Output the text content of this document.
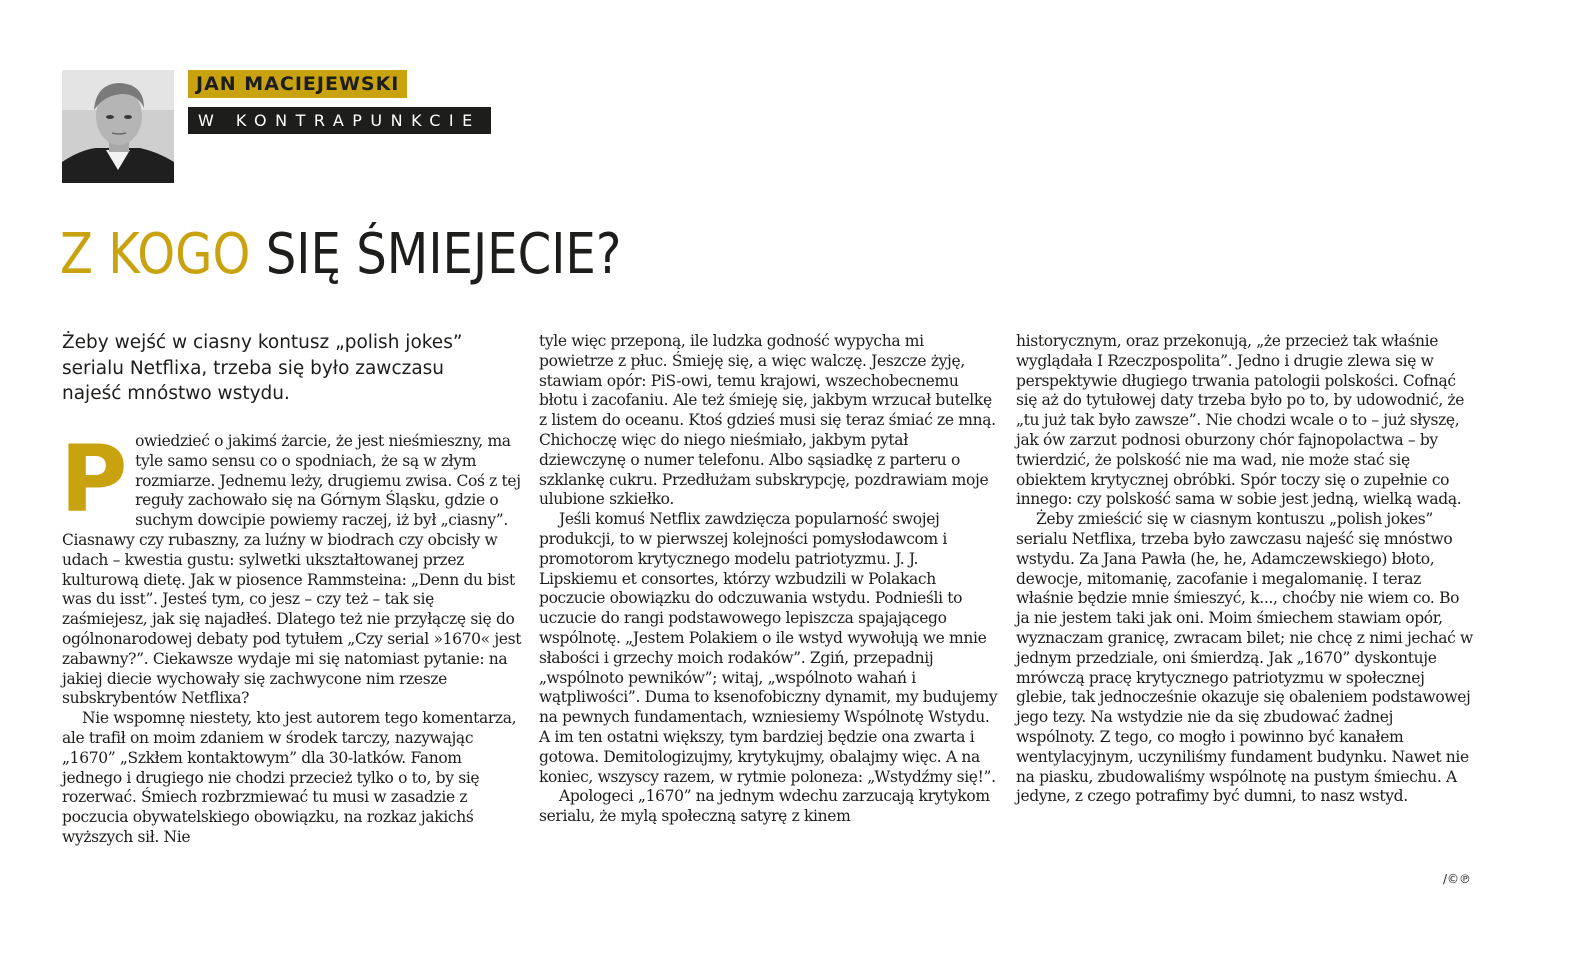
JAN MACIEJEWSKI
W KONTRAPUNKCIE
Z KOGO SIĘ ŚMIEJECIE?

Żeby wejść w ciasny kontusz „polish jokes” serialu Netflixa, trzeba się było zawczasu najeść mnóstwo wstydu.

P owiedzieć o jakimś żarcie, że jest nieśmieszny, ma tyle samo sensu co o spodniach, że są w złym rozmiarze. Jednemu leży, drugiemu zwisa. Coś z tej reguły zachowało się na Górnym Śląsku, gdzie o suchym dowcipie powiemy raczej, iż był „ciasny”. Ciasnawy czy rubaszny, za luźny w biodrach czy obcisły w udach – kwestia gustu: sylwetki ukształtowanej przez kulturową dietę. Jak w piosence Rammsteina: „Denn du bist was du isst”. Jesteś tym, co jesz – czy też – tak się zaśmiejesz, jak się najadłeś. Dlatego też nie przyłączę się do ogólnonarodowej debaty pod tytułem „Czy serial »1670« jest zabawny?”. Ciekawsze wydaje mi się natomiast pytanie: na jakiej diecie wychowały się zachwycone nim rzesze subskrybentów Netflixa?

Nie wspomnę niestety, kto jest autorem tego komentarza, ale trafił on moim zdaniem w środek tarczy, nazywając „1670” „Szkłem kontaktowym” dla 30-latków. Fanom jednego i drugiego nie chodzi przecież tylko o to, by się rozerwać. Śmiech rozbrzmiewać tu musi w zasadzie z poczucia obywatelskiego obowiązku, na rozkaz jakichś wyższych sił. Nie

tyle więc przeponą, ile ludzka godność wypycha mi powietrze z płuc. Śmieję się, a więc walczę. Jeszcze żyję, stawiam opór: PiS-owi, temu krajowi, wszechobecnemu błotu i zacofaniu. Ale też śmieję się, jakbym wrzucał butelkę z listem do oceanu. Ktoś gdzieś musi się teraz śmiać ze mną. Chichoczę więc do niego nieśmiało, jakbym pytał dziewczynę o numer telefonu. Albo sąsiadkę z parteru o szklankę cukru. Przedłużam subskrypcję, pozdrawiam moje ulubione szkiełko.

Jeśli komuś Netflix zawdzięcza popularność swojej produkcji, to w pierwszej kolejności pomysłodawcom i promotorom krytycznego modelu patriotyzmu. J. J. Lipskiemu et consortes, którzy wzbudzili w Polakach poczucie obowiązku do odczuwania wstydu. Podnieśli to uczucie do rangi podstawowego lepiszcza spajającego wspólnotę. „Jestem Polakiem o ile wstyd wywołują we mnie słabości i grzechy moich rodaków”. Zgiń, przepadnij „wspólnoto pewników”; witaj, „wspólnoto wahań i wątpliwości”. Duma to ksenofobiczny dynamit, my budujemy na pewnych fundamentach, wzniesiemy Wspólnotę Wstydu. A im ten ostatni większy, tym bardziej będzie ona zwarta i gotowa. Demitologizujmy, krytykujmy, obalajmy więc. A na koniec, wszyscy razem, w rytmie poloneza: „Wstydźmy się!”.

Apologeci „1670” na jednym wdechu zarzucają krytykom serialu, że mylą społeczną satyrę z kinem

historycznym, oraz przekonują, „że przecież tak właśnie wyglądała I Rzeczpospolita”. Jedno i drugie zlewa się w perspektywie długiego trwania patologii polskości. Cofnąć się aż do tytułowej daty trzeba było po to, by udowodnić, że „tu już tak było zawsze”. Nie chodzi wcale o to – już słyszę, jak ów zarzut podnosi oburzony chór fajnopolactwa – by twierdzić, że polskość nie ma wad, nie może stać się obiektem krytycznej obróbki. Spór toczy się o zupełnie co innego: czy polskość sama w sobie jest jedną, wielką wadą.

Żeby zmieścić się w ciasnym kontuszu „polish jokes” serialu Netflixa, trzeba było zawczasu najeść się mnóstwo wstydu. Za Jana Pawła (he, he, Adamczewskiego) błoto, dewocje, mitomanię, zacofanie i megalomanię. I teraz właśnie będzie mnie śmieszyć, k..., choćby nie wiem co. Bo ja nie jestem taki jak oni. Moim śmiechem stawiam opór, wyznaczam granicę, zwracam bilet; nie chcę z nimi jechać w jednym przedziale, oni śmierdzą. Jak „1670” dyskontuje mrówczą pracę krytycznego patriotyzmu w społecznej glebie, tak jednocześnie okazuje się obaleniem podstawowej jego tezy. Na wstydzie nie da się zbudować żadnej wspólnoty. Z tego, co mogło i powinno być kanałem wentylacyjnym, uczyniliśmy fundament budynku. Nawet nie na piasku, zbudowaliśmy wspólnotę na pustym śmiechu. A jedyne, z czego potrafimy być dumni, to nasz wstyd.

/©℗
